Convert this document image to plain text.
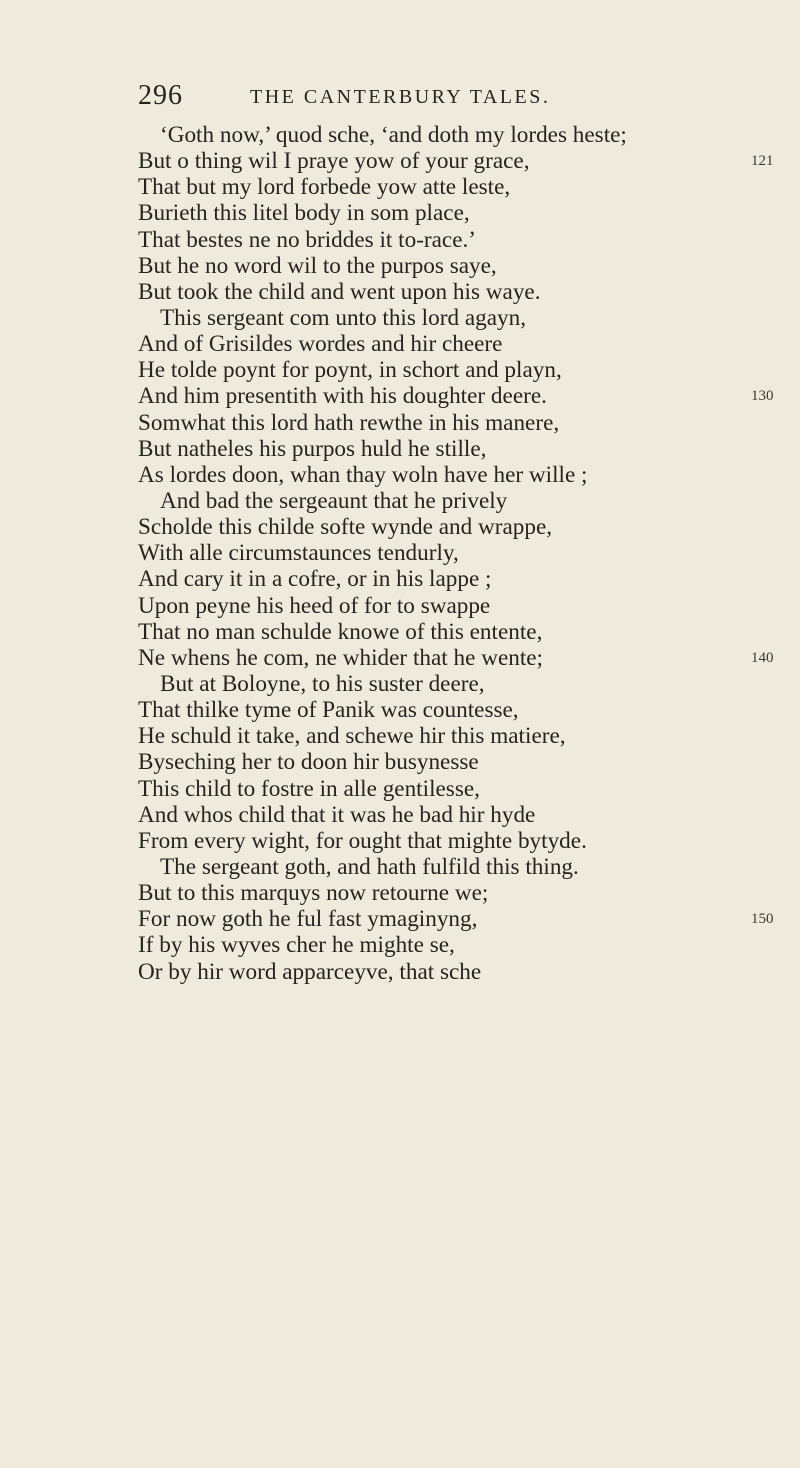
296	THE CANTERBURY TALES.
‘Goth now,’ quod sche, ‘and doth my lordes heste;
But o thing wil I praye yow of your grace,	121
That but my lord forbede yow atte leste,
Burieth this litel body in som place,
That bestes ne no briddes it to-race.’
But he no word wil to the purpos saye,
But took the child and went upon his waye.
This sergeant com unto this lord agayn,
And of Grisildes wordes and hir cheere
He tolde poynt for poynt, in schort and playn,
And him presentith with his doughter deere.	130
Somwhat this lord hath rewthe in his manere,
But natheles his purpos huld he stille,
As lordes doon, whan thay woln have her wille ;
And bad the sergeaunt that he prively
Scholde this childe softe wynde and wrappe,
With alle circumstaunces tendurly,
And cary it in a cofre, or in his lappe ;
Upon peyne his heed of for to swappe
That no man schulde knowe of this entente,
Ne whens he com, ne whider that he wente;	140
But at Boloyne, to his suster deere,
That thilke tyme of Panik was countesse,
He schuld it take, and schewe hir this matiere,
Byseching her to doon hir busynesse
This child to fostre in alle gentilesse,
And whos child that it was he bad hir hyde
From every wight, for ought that mighte bytyde.
The sergeant goth, and hath fulfild this thing.
But to this marquys now retourne we;
For now goth he ful fast ymaginyng,	150
If by his wyves cher he mighte se,
Or by hir word apparceyve, that sche
